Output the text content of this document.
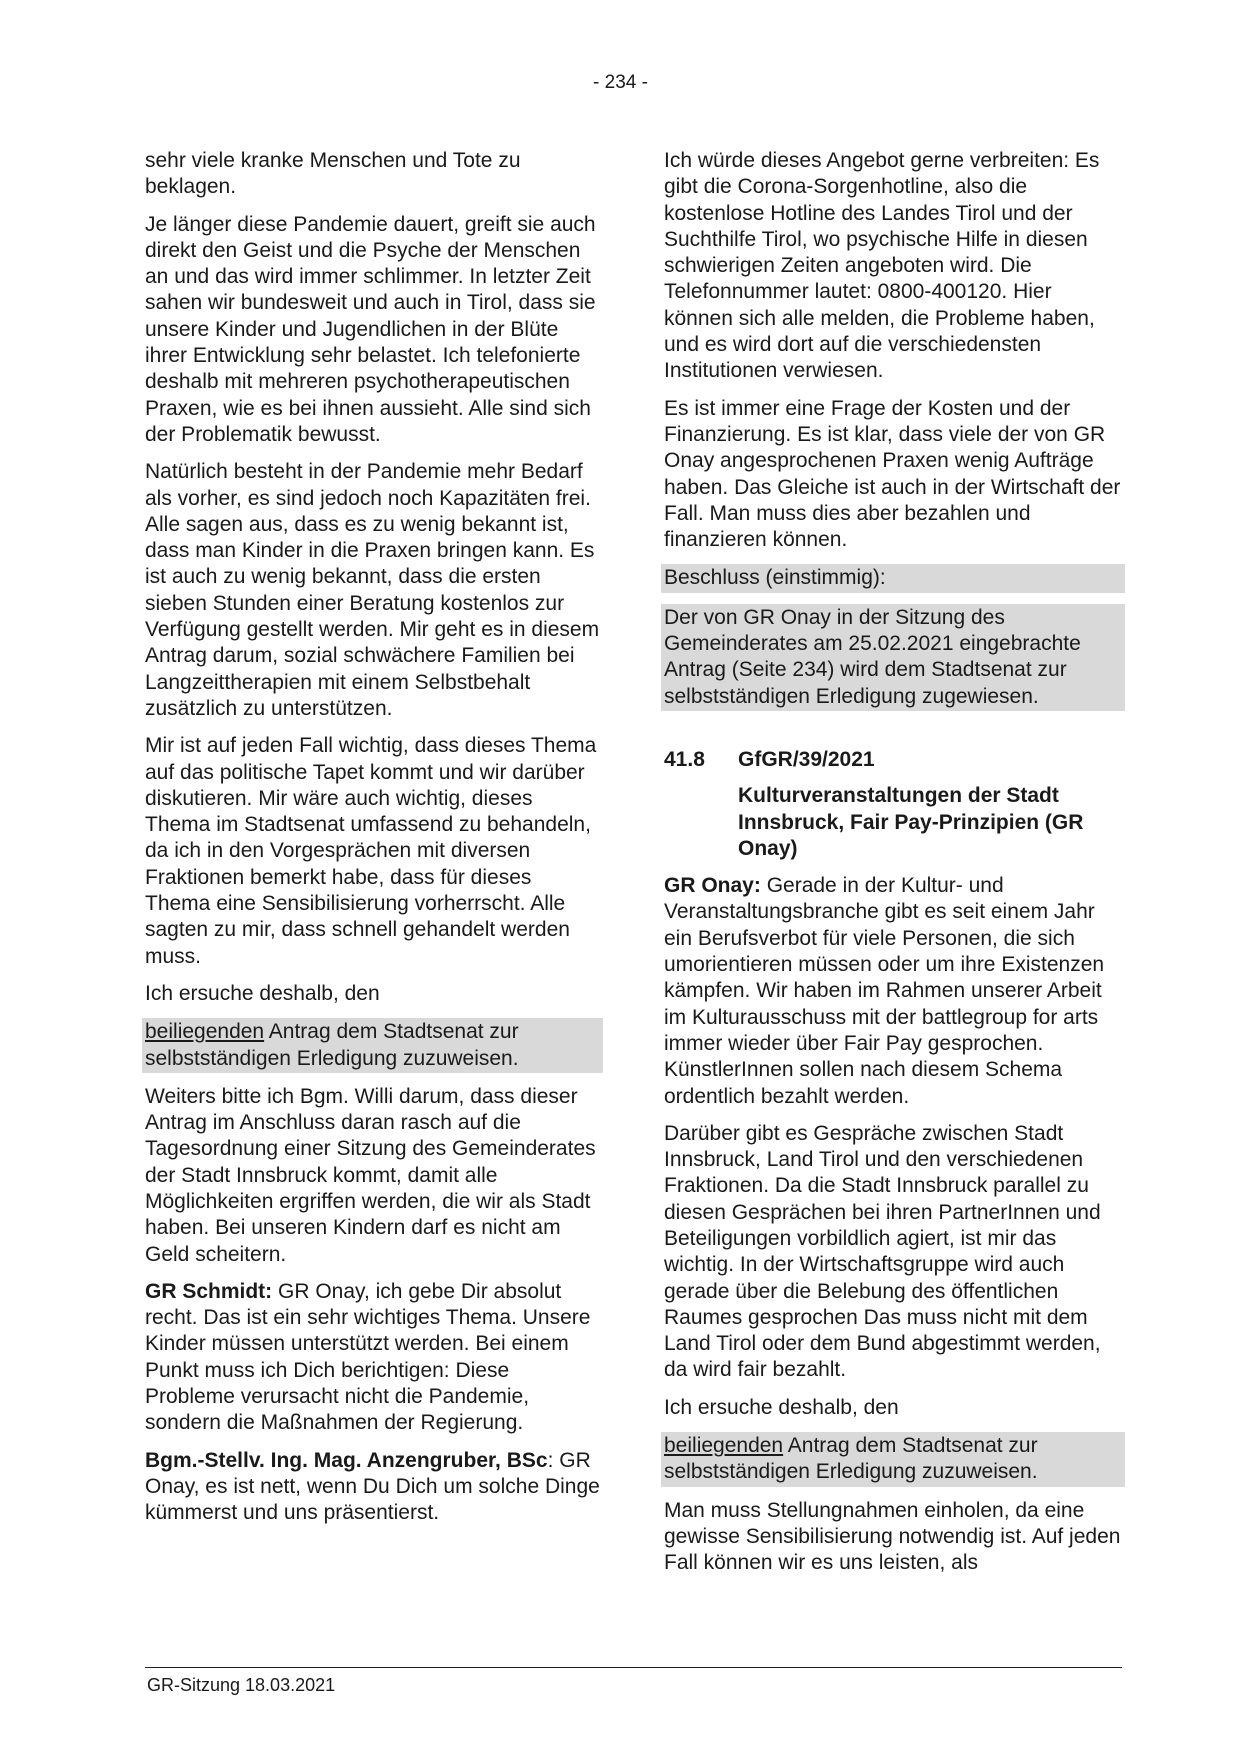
- 234 -

sehr viele kranke Menschen und Tote zu beklagen.

Je länger diese Pandemie dauert, greift sie auch direkt den Geist und die Psyche der Menschen an und das wird immer schlimmer. In letzter Zeit sahen wir bundesweit und auch in Tirol, dass sie unsere Kinder und Jugendlichen in der Blüte ihrer Entwicklung sehr belastet. Ich telefonierte deshalb mit mehreren psychotherapeutischen Praxen, wie es bei ihnen aussieht. Alle sind sich der Problematik bewusst.

Natürlich besteht in der Pandemie mehr Bedarf als vorher, es sind jedoch noch Kapazitäten frei. Alle sagen aus, dass es zu wenig bekannt ist, dass man Kinder in die Praxen bringen kann. Es ist auch zu wenig bekannt, dass die ersten sieben Stunden einer Beratung kostenlos zur Verfügung gestellt werden. Mir geht es in diesem Antrag darum, sozial schwächere Familien bei Langzeittherapien mit einem Selbstbehalt zusätzlich zu unterstützen.

Mir ist auf jeden Fall wichtig, dass dieses Thema auf das politische Tapet kommt und wir darüber diskutieren. Mir wäre auch wichtig, dieses Thema im Stadtsenat umfassend zu behandeln, da ich in den Vorgesprächen mit diversen Fraktionen bemerkt habe, dass für dieses Thema eine Sensibilisierung vorherrscht. Alle sagten zu mir, dass schnell gehandelt werden muss.

Ich ersuche deshalb, den

beiliegenden Antrag dem Stadtsenat zur selbstständigen Erledigung zuzuweisen.

Weiters bitte ich Bgm. Willi darum, dass dieser Antrag im Anschluss daran rasch auf die Tagesordnung einer Sitzung des Gemeinderates der Stadt Innsbruck kommt, damit alle Möglichkeiten ergriffen werden, die wir als Stadt haben. Bei unseren Kindern darf es nicht am Geld scheitern.

GR Schmidt: GR Onay, ich gebe Dir absolut recht. Das ist ein sehr wichtiges Thema. Unsere Kinder müssen unterstützt werden. Bei einem Punkt muss ich Dich berichtigen: Diese Probleme verursacht nicht die Pandemie, sondern die Maßnahmen der Regierung.

Bgm.-Stellv. Ing. Mag. Anzengruber, BSc: GR Onay, es ist nett, wenn Du Dich um solche Dinge kümmerst und uns präsentierst.

Ich würde dieses Angebot gerne verbreiten: Es gibt die Corona-Sorgenhotline, also die kostenlose Hotline des Landes Tirol und der Suchthilfe Tirol, wo psychische Hilfe in diesen schwierigen Zeiten angeboten wird. Die Telefonnummer lautet: 0800-400120. Hier können sich alle melden, die Probleme haben, und es wird dort auf die verschiedensten Institutionen verwiesen.

Es ist immer eine Frage der Kosten und der Finanzierung. Es ist klar, dass viele der von GR Onay angesprochenen Praxen wenig Aufträge haben. Das Gleiche ist auch in der Wirtschaft der Fall. Man muss dies aber bezahlen und finanzieren können.

Beschluss (einstimmig):

Der von GR Onay in der Sitzung des Gemeinderates am 25.02.2021 eingebrachte Antrag (Seite 234) wird dem Stadtsenat zur selbstständigen Erledigung zugewiesen.

41.8	GfGR/39/2021

Kulturveranstaltungen der Stadt Innsbruck, Fair Pay-Prinzipien (GR Onay)

GR Onay: Gerade in der Kultur- und Veranstaltungsbranche gibt es seit einem Jahr ein Berufsverbot für viele Personen, die sich umorientieren müssen oder um ihre Existenzen kämpfen. Wir haben im Rahmen unserer Arbeit im Kulturausschuss mit der battlegroup for arts immer wieder über Fair Pay gesprochen. KünstlerInnen sollen nach diesem Schema ordentlich bezahlt werden.

Darüber gibt es Gespräche zwischen Stadt Innsbruck, Land Tirol und den verschiedenen Fraktionen. Da die Stadt Innsbruck parallel zu diesen Gesprächen bei ihren PartnerInnen und Beteiligungen vorbildlich agiert, ist mir das wichtig. In der Wirtschaftsgruppe wird auch gerade über die Belebung des öffentlichen Raumes gesprochen Das muss nicht mit dem Land Tirol oder dem Bund abgestimmt werden, da wird fair bezahlt.

Ich ersuche deshalb, den

beiliegenden Antrag dem Stadtsenat zur selbstständigen Erledigung zuzuweisen.

Man muss Stellungnahmen einholen, da eine gewisse Sensibilisierung notwendig ist. Auf jeden Fall können wir es uns leisten, als

GR-Sitzung 18.03.2021
